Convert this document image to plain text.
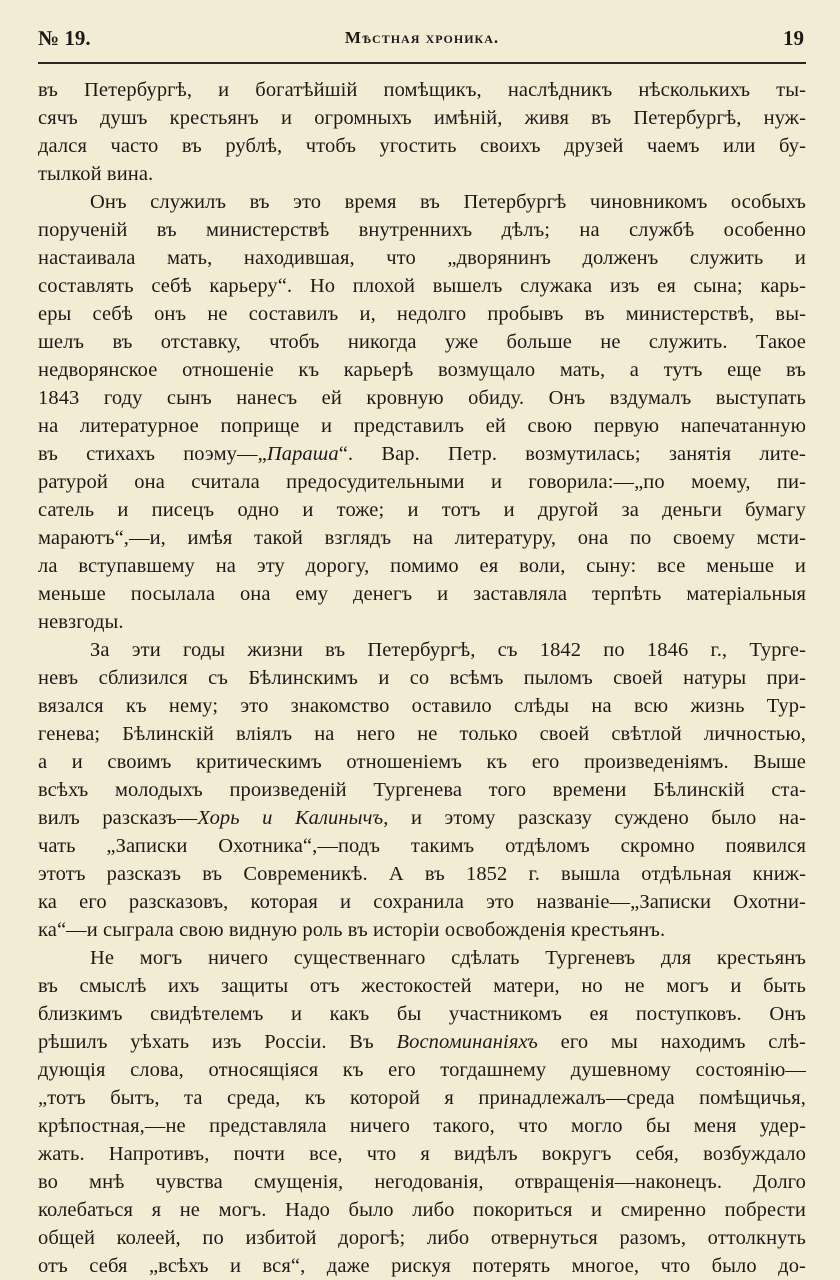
№ 19.	Мѣстная хроника.	19
въ Петербургѣ, и богатѣйшiй помѣщикъ, наслѣдникъ нѣсколькихъ ты-
сячъ душъ крестьянъ и огромныхъ имѣнiй, живя въ Петербургѣ, нуж-
дался часто въ рублѣ, чтобъ угостить своихъ друзей чаемъ или бу-
тылкой вина.
Онъ служилъ въ это время въ Петербургѣ чиновникомъ особыхъ
порученiй въ министерствѣ внутреннихъ дѣлъ; на службѣ особенно
настаивала мать, находившая, что „дворянинъ долженъ служить и
составлять себѣ карьеру“. Но плохой вышелъ служака изъ ея сына; карь-
еры себѣ онъ не составилъ и, недолго пробывъ въ министерствѣ, вы-
шелъ въ отставку, чтобъ никогда уже больше не служить. Такое
недворянское отношенiе къ карьерѣ возмущало мать, а тутъ еще въ
1843 году сынъ нанесъ ей кровную обиду. Онъ вздумалъ выступать
на литературное поприще и представилъ ей свою первую напечатанную
въ стихахъ поэму—„Параша“. Вар. Петр. возмутилась; занятiя лите-
ратурой она считала предосудительными и говорила:—„по моему, пи-
сатель и писецъ одно и тоже; и тотъ и другой за деньги бумагу
мараютъ“,—и, имѣя такой взглядъ на литературу, она по своему мсти-
ла вступавшему на эту дорогу, помимо ея воли, сыну: все меньше и
меньше посылала она ему денегъ и заставляла терпѣть матерiальныя
невзгоды.
За эти годы жизни въ Петербургѣ, съ 1842 по 1846 г., Турге-
невъ сблизился съ Бѣлинскимъ и со всѣмъ пыломъ своей натуры при-
вязался къ нему; это знакомство оставило слѣды на всю жизнь Тур-
генева; Бѣлинскiй влiялъ на него не только своей свѣтлой личностью,
а и своимъ критическимъ отношенiемъ къ его произведенiямъ. Выше
всѣхъ молодыхъ произведенiй Тургенева того времени Бѣлинскiй ста-
вилъ разсказъ—Хорь и Калинычъ, и этому разсказу суждено было на-
чать „Записки Охотника“,—подъ такимъ отдѣломъ скромно появился
этотъ разсказъ въ Современикѣ. А въ 1852 г. вышла отдѣльная книж-
ка его разсказовъ, которая и сохранила это названiе—„Записки Охотни-
ка“—и сыграла свою видную роль въ исторiи освобожденiя крестьянъ.
Не могъ ничего существеннаго сдѣлать Тургеневъ для крестьянъ
въ смыслѣ ихъ защиты отъ жестокостей матери, но не могъ и быть
близкимъ свидѣтелемъ и какъ бы участникомъ ея поступковъ. Онъ
рѣшилъ уѣхать изъ Россiи. Въ Воспоминанiяхъ его мы находимъ слѣ-
дующiя слова, относящiяся къ его тогдашнему душевному состоянiю—
„тотъ бытъ, та среда, къ которой я принадлежалъ—среда помѣщичья,
крѣпостная,—не представляла ничего такого, что могло бы меня удер-
жать. Напротивъ, почти все, что я видѣлъ вокругъ себя, возбуждало
во мнѣ чувства смущенiя, негодованiя, отвращенiя—наконецъ. Долго
колебаться я не могъ. Надо было либо покориться и смиренно побрести
общей колеей, по избитой дорогѣ; либо отвернуться разомъ, оттолкнуть
отъ себя „всѣхъ и вся“, даже рискуя потерять многое, что было до-
